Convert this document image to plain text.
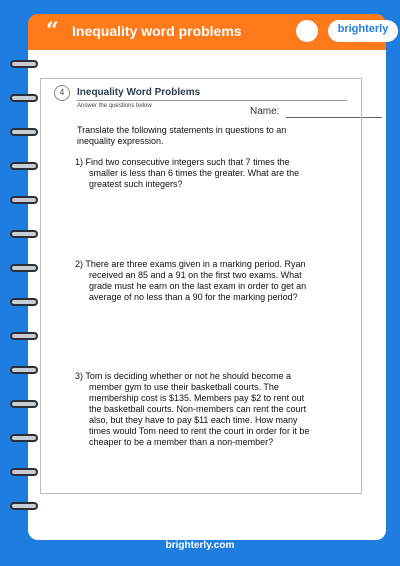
“ Inequality word problems	brighterly
Name:
4	Inequality Word Problems
Answer the questions below

Translate the following statements in questions to an inequality expression.

1) Find two consecutive integers such that 7 times the smaller is less than 6 times the greater. What are the greatest such integers?

2) There are three exams given in a marking period. Ryan received an 85 and a 91 on the first two exams. What grade must he earn on the last exam in order to get an average of no less than a 90 for the marking period?

3) Tom is deciding whether or not he should become a member gym to use their basketball courts. The membership cost is $135. Members pay $2 to rent out the basketball courts. Non-members can rent the court also, but they have to pay $11 each time. How many times would Tom need to rent the court in order for it be cheaper to be a member than a non-member?

brighterly.com
